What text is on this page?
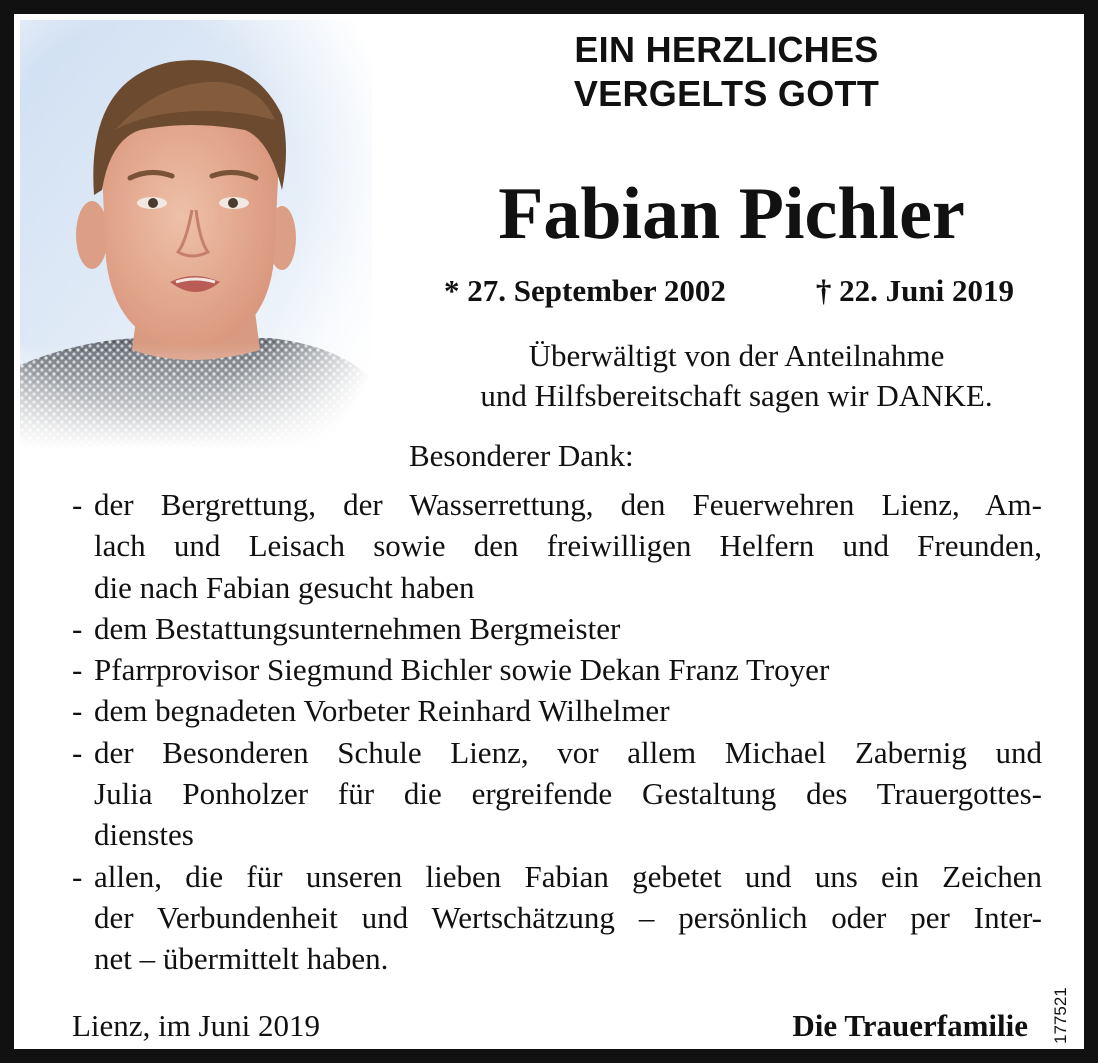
EIN HERZLICHES
VERGELTS GOTT
Fabian Pichler
* 27. September 2002	† 22. Juni 2019
Überwältigt von der Anteilnahme
und Hilfsbereitschaft sagen wir DANKE.
Besonderer Dank:
- der Bergrettung, der Wasserrettung, den Feuerwehren Lienz, Am-
lach und Leisach sowie den freiwilligen Helfern und Freunden,
die nach Fabian gesucht haben
- dem Bestattungsunternehmen Bergmeister
- Pfarrprovisor Siegmund Bichler sowie Dekan Franz Troyer
- dem begnadeten Vorbeter Reinhard Wilhelmer
- der Besonderen Schule Lienz, vor allem Michael Zabernig und
Julia Ponholzer für die ergreifende Gestaltung des Trauergottes-
dienstes
- allen, die für unseren lieben Fabian gebetet und uns ein Zeichen
der Verbundenheit und Wertschätzung – persönlich oder per Inter-
net – übermittelt haben.
Lienz, im Juni 2019	Die Trauerfamilie 177521
